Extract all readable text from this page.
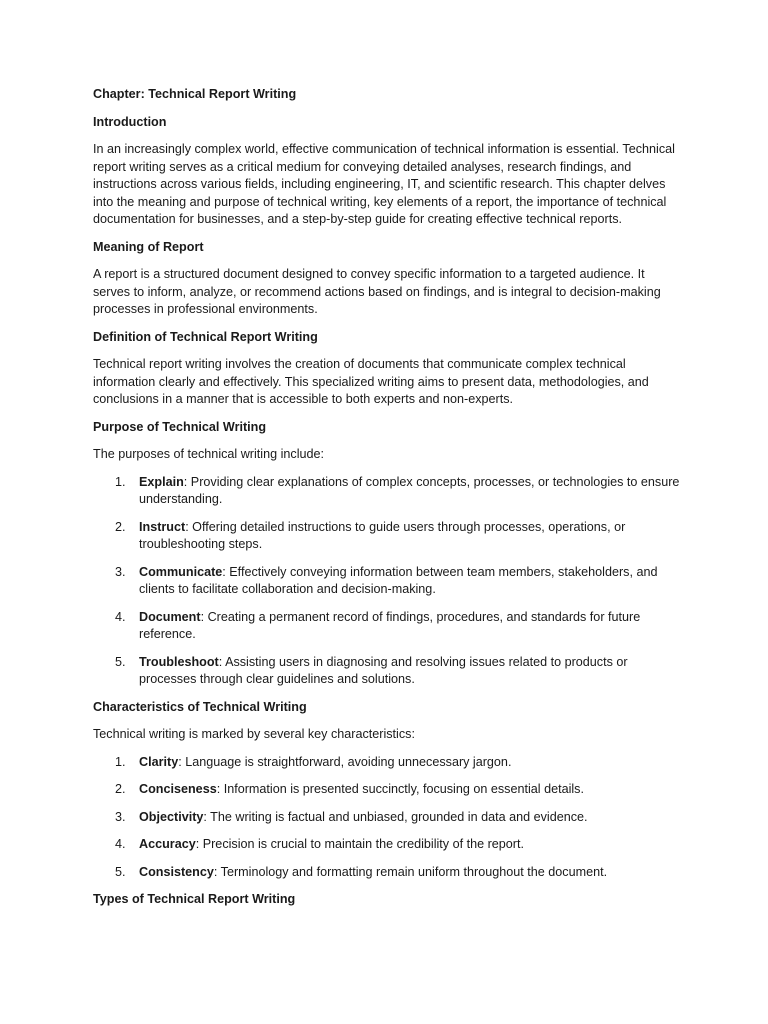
Chapter: Technical Report Writing

Introduction

In an increasingly complex world, effective communication of technical information is essential. Technical report writing serves as a critical medium for conveying detailed analyses, research findings, and instructions across various fields, including engineering, IT, and scientific research. This chapter delves into the meaning and purpose of technical writing, key elements of a report, the importance of technical documentation for businesses, and a step-by-step guide for creating effective technical reports.

Meaning of Report

A report is a structured document designed to convey specific information to a targeted audience. It serves to inform, analyze, or recommend actions based on findings, and is integral to decision-making processes in professional environments.

Definition of Technical Report Writing

Technical report writing involves the creation of documents that communicate complex technical information clearly and effectively. This specialized writing aims to present data, methodologies, and conclusions in a manner that is accessible to both experts and non-experts.

Purpose of Technical Writing

The purposes of technical writing include:

1. Explain: Providing clear explanations of complex concepts, processes, or technologies to ensure understanding.
2. Instruct: Offering detailed instructions to guide users through processes, operations, or troubleshooting steps.
3. Communicate: Effectively conveying information between team members, stakeholders, and clients to facilitate collaboration and decision-making.
4. Document: Creating a permanent record of findings, procedures, and standards for future reference.
5. Troubleshoot: Assisting users in diagnosing and resolving issues related to products or processes through clear guidelines and solutions.

Characteristics of Technical Writing

Technical writing is marked by several key characteristics:

1. Clarity: Language is straightforward, avoiding unnecessary jargon.
2. Conciseness: Information is presented succinctly, focusing on essential details.
3. Objectivity: The writing is factual and unbiased, grounded in data and evidence.
4. Accuracy: Precision is crucial to maintain the credibility of the report.
5. Consistency: Terminology and formatting remain uniform throughout the document.

Types of Technical Report Writing
